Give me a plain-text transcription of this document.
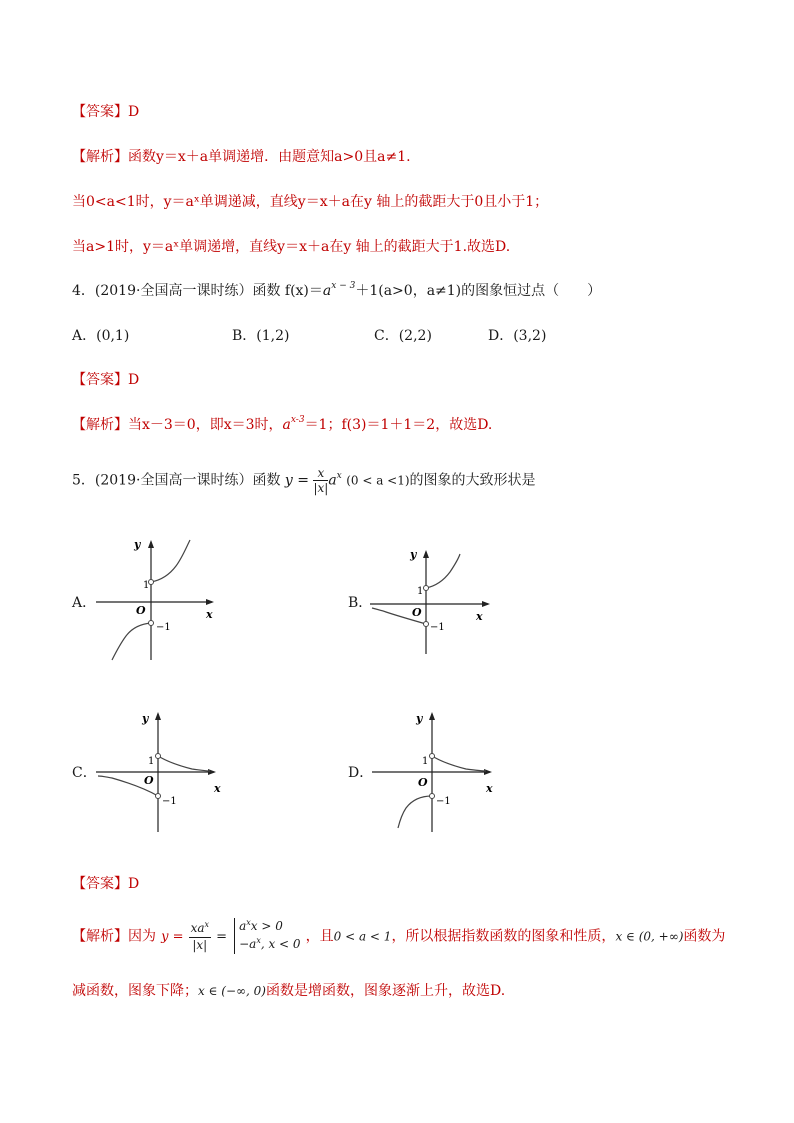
【答案】D
【解析】函数y＝x＋a单调递增．由题意知a>0且a≠1.
当0<a<1时，y＝aˣ单调递减，直线y＝x＋a在y 轴上的截距大于0且小于1；
当a>1时，y＝aˣ单调递增，直线y＝x＋a在y 轴上的截距大于1.故选D.
4．(2019·全国高一课时练）函数 $f(x)=a^{x - 3}+1(a>0$，a≠1)的图象恒过点（　　）
A．(0,1)	B．(1,2)	C．(2,2)	D．(3,2)
【答案】D
【解析】当x－3＝0，即x＝3时，$a^{x-3}=1$；f(3)＝1＋1＝2，故选D.
5．(2019·全国高一课时练）函数 $y = \frac{x}{|x|} a^x$ (0 < a <1)的图象的大致形状是
A．	B．
C．	D．
y
x
O
1
−1
y
x
O
1
−1
y
x
O
1
−1
y
x
O
1
−1
【答案】D
【解析】因为 $y = \frac{xa^x}{|x|}$ =
$a^xx > 0$
$-a^x$, x < 0 ，且0 < a < 1，所以根据指数函数的图象和性质，x ∈ (0, +∞)函数为
减函数，图象下降；x ∈ (−∞, 0)函数是增函数，图象逐渐上升，故选D.
